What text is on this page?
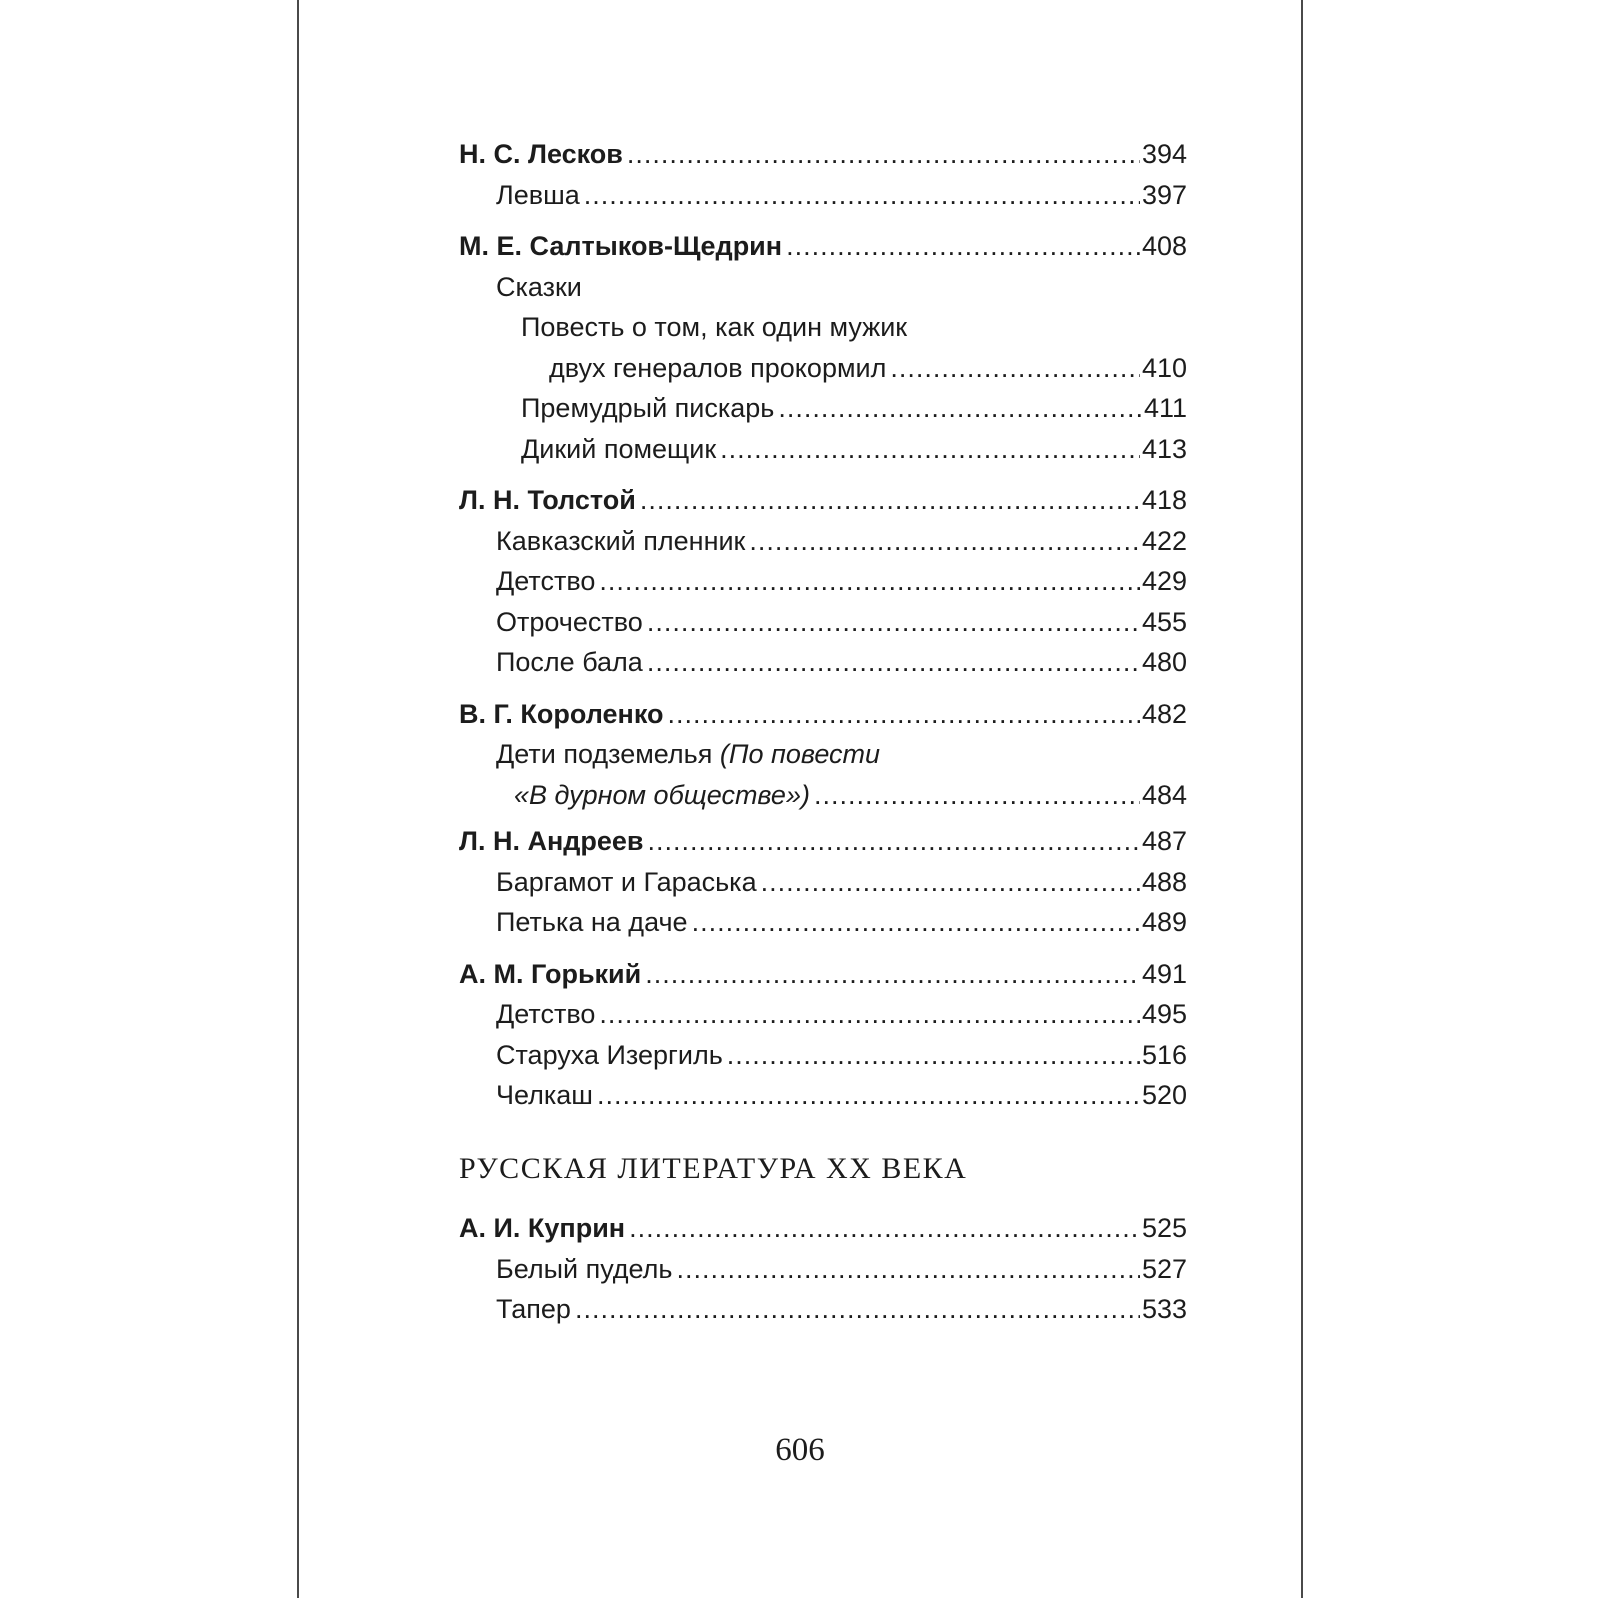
Н. С. Лесков .....	394
Левша .....	397
М. Е. Салтыков-Щедрин .....	408
Сказки
Повесть о том, как один мужик
двух генералов прокормил .....	410
Премудрый пискарь .....	411
Дикий помещик .....	413
Л. Н. Толстой .....	418
Кавказский пленник .....	422
Детство .....	429
Отрочество .....	455
После бала .....	480
В. Г. Короленко .....	482
Дети подземелья
(По повести
«В дурном обществе») .....	484
Л. Н. Андреев .....	487
Баргамот и Гараська .....	488
Петька на даче .....	489
А. М. Горький .....	491
Детство .....	495
Старуха Изергиль .....	516
Челкаш .....	520
РУССКАЯ ЛИТЕРАТУРА XX ВЕКА
А. И. Куприн .....	525
Белый пудель .....	527
Тапер .....	533
606
